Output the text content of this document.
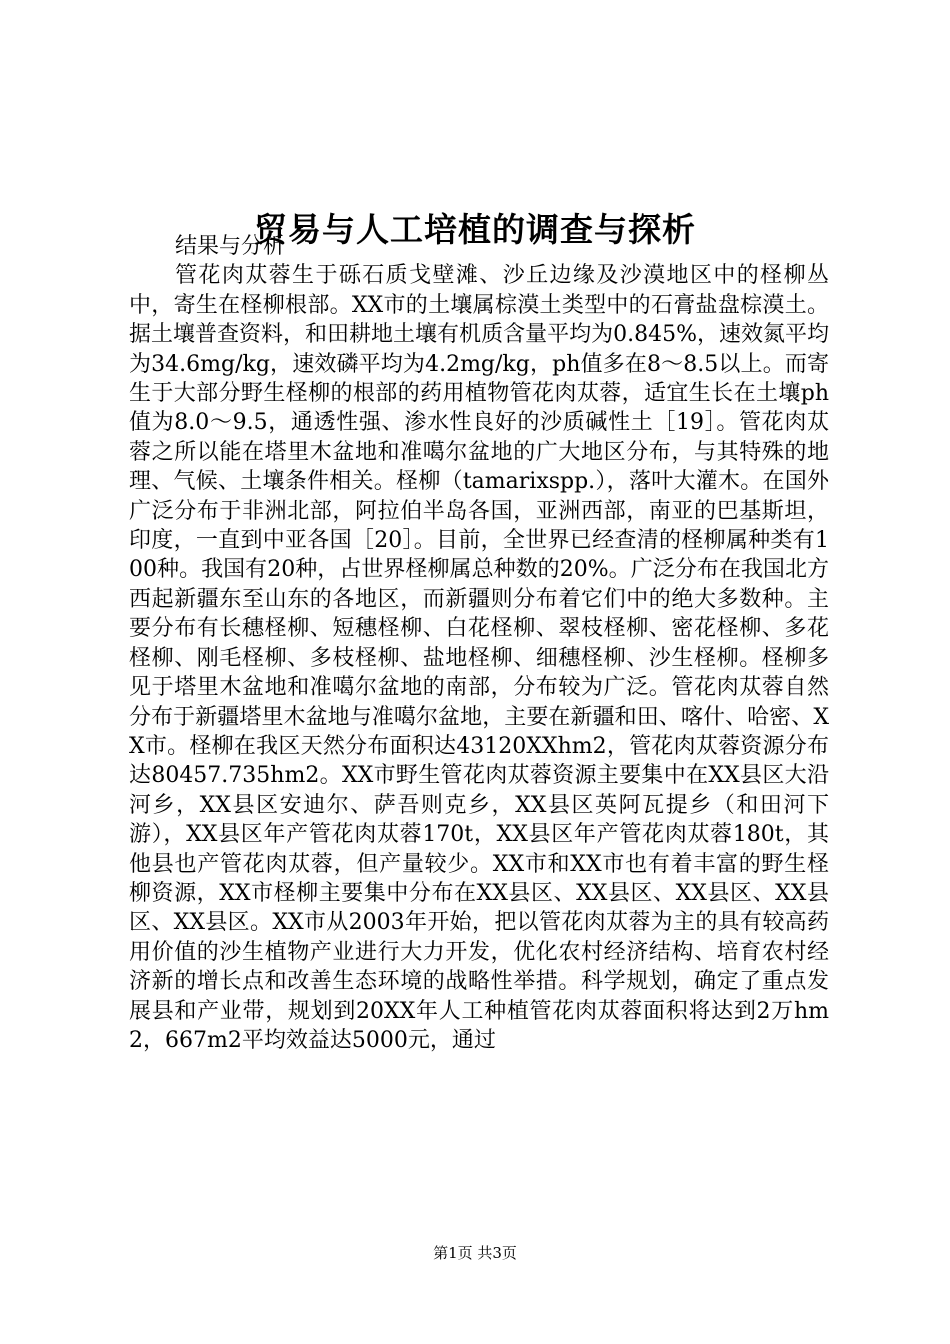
贸易与人工培植的调查与探析

结果与分析

管花肉苁蓉生于砾石质戈壁滩、沙丘边缘及沙漠地区中的柽柳丛中，寄生在柽柳根部。XX市的土壤属棕漠土类型中的石膏盐盘棕漠土。据土壤普查资料，和田耕地土壤有机质含量平均为0.845%，速效氮平均为34.6mg/kg，速效磷平均为4.2mg/kg，ph值多在8～8.5以上。而寄生于大部分野生柽柳的根部的药用植物管花肉苁蓉，适宜生长在土壤ph值为8.0～9.5，通透性强、渗水性良好的沙质碱性土［19］。管花肉苁蓉之所以能在塔里木盆地和准噶尔盆地的广大地区分布，与其特殊的地理、气候、土壤条件相关。柽柳（tamarixspp.），落叶大灌木。在国外广泛分布于非洲北部，阿拉伯半岛各国，亚洲西部，南亚的巴基斯坦，印度，一直到中亚各国［20］。目前，全世界已经查清的柽柳属种类有100种。我国有20种，占世界柽柳属总种数的20%。广泛分布在我国北方西起新疆东至山东的各地区，而新疆则分布着它们中的绝大多数种。主要分布有长穗柽柳、短穗柽柳、白花柽柳、翠枝柽柳、密花柽柳、多花柽柳、刚毛柽柳、多枝柽柳、盐地柽柳、细穗柽柳、沙生柽柳。柽柳多见于塔里木盆地和准噶尔盆地的南部，分布较为广泛。管花肉苁蓉自然分布于新疆塔里木盆地与准噶尔盆地，主要在新疆和田、喀什、哈密、XX市。柽柳在我区天然分布面积达43120XXhm2，管花肉苁蓉资源分布达80457.735hm2。XX市野生管花肉苁蓉资源主要集中在XX县区大沿河乡，XX县区安迪尔、萨吾则克乡，XX县区英阿瓦提乡（和田河下游），XX县区年产管花肉苁蓉170t，XX县区年产管花肉苁蓉180t，其他县也产管花肉苁蓉，但产量较少。XX市和XX市也有着丰富的野生柽柳资源，XX市柽柳主要集中分布在XX县区、XX县区、XX县区、XX县区、XX县区。XX市从2003年开始，把以管花肉苁蓉为主的具有较高药用价值的沙生植物产业进行大力开发，优化农村经济结构、培育农村经济新的增长点和改善生态环境的战略性举措。科学规划，确定了重点发展县和产业带，规划到20XX年人工种植管花肉苁蓉面积将达到2万hm2，667m2平均效益达5000元，通过

第1页 共3页
